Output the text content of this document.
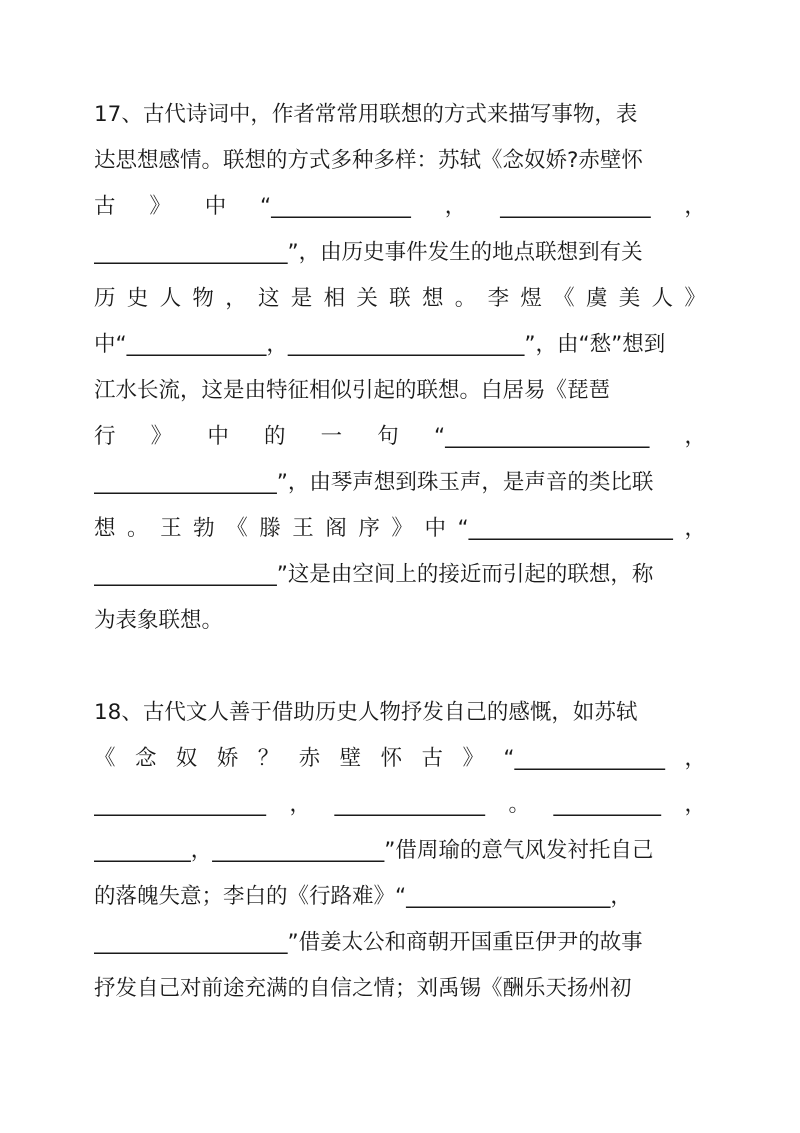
17、古代诗词中，作者常常用联想的方式来描写事物，表
达思想感情。联想的方式多种多样：苏轼《念奴娇?赤壁怀
古 》 中 “_____________ ， ______________ ，
__________________”，由历史事件发生的地点联想到有关
历 史 人 物 ， 这 是 相 关 联 想 。 李 煜 《 虞 美 人 》
中“_____________，______________________”，由“愁”想到
江水长流，这是由特征相似引起的联想。白居易《琵琶
行 》 中 的 一 句 “___________________ ，
_________________”，由琴声想到珠玉声，是声音的类比联
想 。 王 勃 《 滕 王 阁 序 》 中 “___________________ ，
_________________”这是由空间上的接近而引起的联想，称
为表象联想。
18、古代文人善于借助历史人物抒发自己的感慨，如苏轼
《 念 奴 娇 ？ 赤 壁 怀 古 》 “______________ ，
________________ ， ______________ 。 __________ ，
_________，________________”借周瑜的意气风发衬托自己
的落魄失意；李白的《行路难》“___________________，
__________________”借姜太公和商朝开国重臣伊尹的故事
抒发自己对前途充满的自信之情；刘禹锡《酬乐天扬州初
